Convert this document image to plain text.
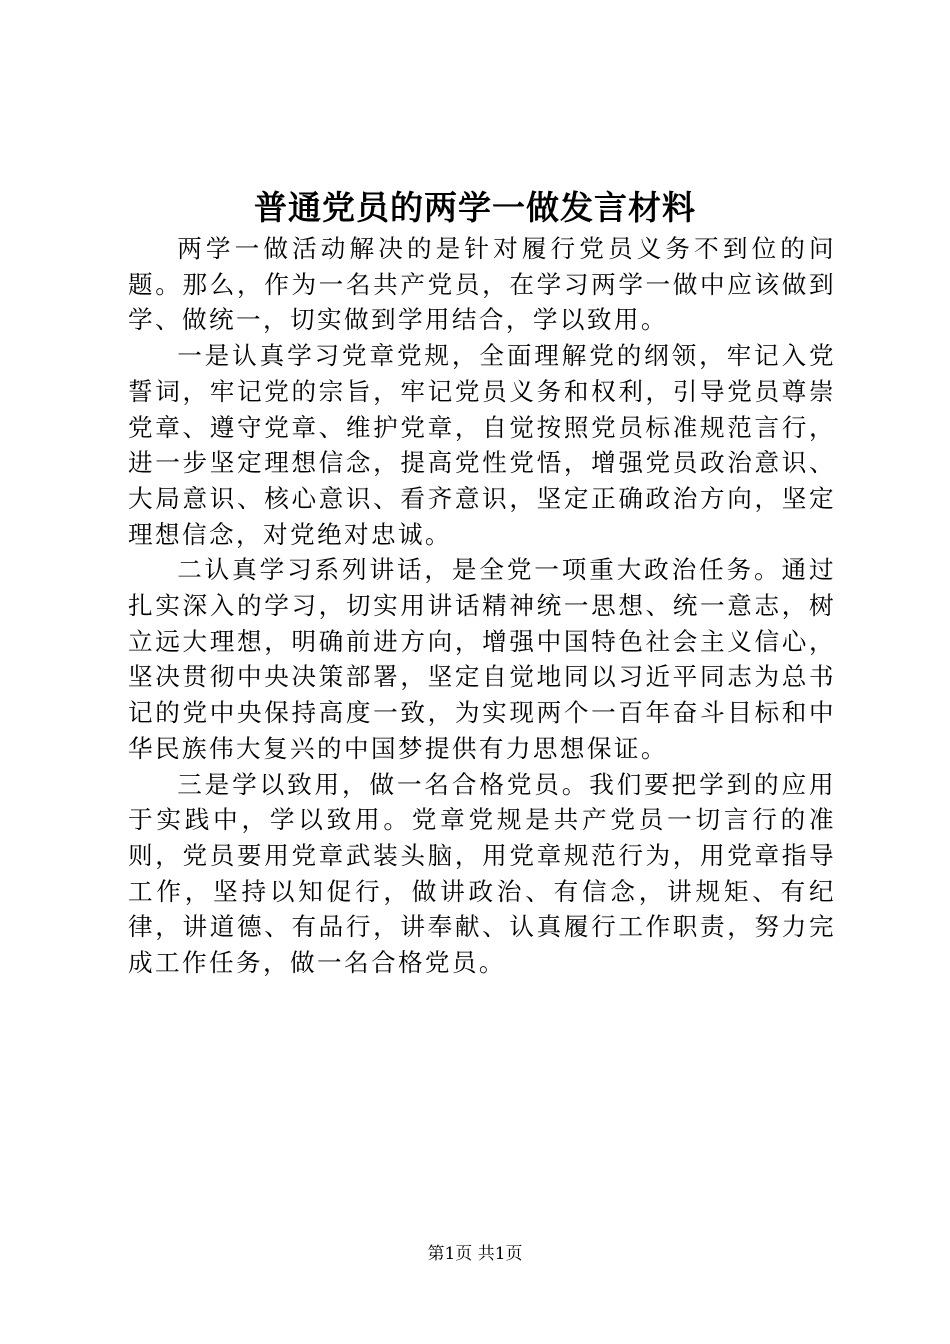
普通党员的两学一做发言材料

两学一做活动解决的是针对履行党员义务不到位的问题。那么，作为一名共产党员，在学习两学一做中应该做到学、做统一，切实做到学用结合，学以致用。

一是认真学习党章党规，全面理解党的纲领，牢记入党誓词，牢记党的宗旨，牢记党员义务和权利，引导党员尊崇党章、遵守党章、维护党章，自觉按照党员标准规范言行，进一步坚定理想信念，提高党性党悟，增强党员政治意识、大局意识、核心意识、看齐意识，坚定正确政治方向，坚定理想信念，对党绝对忠诚。

二认真学习系列讲话，是全党一项重大政治任务。通过扎实深入的学习，切实用讲话精神统一思想、统一意志，树立远大理想，明确前进方向，增强中国特色社会主义信心，坚决贯彻中央决策部署，坚定自觉地同以习近平同志为总书记的党中央保持高度一致，为实现两个一百年奋斗目标和中华民族伟大复兴的中国梦提供有力思想保证。

三是学以致用，做一名合格党员。我们要把学到的应用于实践中，学以致用。党章党规是共产党员一切言行的准则，党员要用党章武装头脑，用党章规范行为，用党章指导工作，坚持以知促行，做讲政治、有信念，讲规矩、有纪律，讲道德、有品行，讲奉献、认真履行工作职责，努力完成工作任务，做一名合格党员。

第1页 共1页
